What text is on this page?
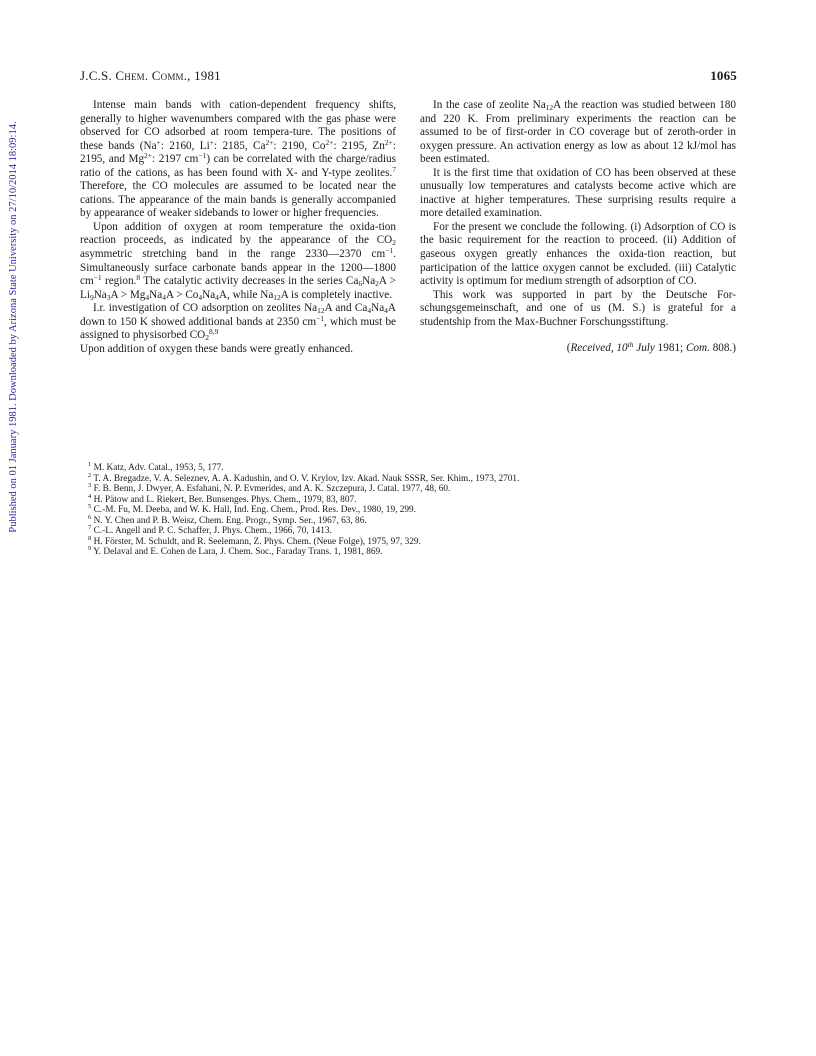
Published on 01 January 1981. Downloaded by Arizona State University on 27/10/2014 18:09:14.
J.C.S. Chem. Comm., 1981	1065

Intense main bands with cation-dependent frequency shifts, generally to higher wavenumbers compared with the gas phase were observed for CO adsorbed at room tempera-ture. The positions of these bands (Na+: 2160, Li+: 2185, $Ca^{2+}$: 2190, $Co^{2+}$: 2195, $Zn^{2+}$: 2195, and $Mg^{2+}$: 2197 $cm^{-1}$) can be correlated with the charge/radius ratio of the cations, as has been found with X- and Y-type zeolites.$^7$ Therefore, the CO molecules are assumed to be located near the cations. The appearance of the main bands is generally accompanied by appearance of weaker sidebands to lower or higher frequencies.

Upon addition of oxygen at room temperature the oxida-tion reaction proceeds, as indicated by the appearance of the $CO_2$ asymmetric stretching band in the range 2330—2370 $cm^{-1}$. Simultaneously surface carbonate bands appear in the 1200—1800 $cm^{-1}$ region.$^8$ The catalytic activity decreases in the series $Ca_6Na_2A > Li_9Na_3A > Mg_4Na_4A > Co_4Na_4A$, while $Na_{12}A$ is completely inactive.

I.r. investigation of CO adsorption on zeolites $Na_{12}A$ and $Ca_4Na_4A$ down to 150 K showed additional bands at 2350 $cm^{-1}$, which must be assigned to physisorbed $CO_2^{8,9}$
Upon addition of oxygen these bands were greatly enhanced.

In the case of zeolite $Na_{12}A$ the reaction was studied between 180 and 220 K. From preliminary experiments the reaction can be assumed to be of first-order in CO coverage but of zeroth-order in oxygen pressure. An activation energy as low as about 12 kJ/mol has been estimated.

It is the first time that oxidation of CO has been observed at these unusually low temperatures and catalysts become active which are inactive at higher temperatures. These surprising results require a more detailed examination.

For the present we conclude the following. (i) Adsorption of CO is the basic requirement for the reaction to proceed. (ii) Addition of gaseous oxygen greatly enhances the oxida-tion reaction, but participation of the lattice oxygen cannot be excluded. (iii) Catalytic activity is optimum for medium strength of adsorption of CO.

This work was supported in part by the Deutsche For-schungsgemeinschaft, and one of us (M. S.) is grateful for a studentship from the Max-Buchner Forschungsstiftung.

(Received, 10th July 1981; Com. 808.)
$^1$ M. Katz, Adv. Catal., 1953, 5, 177.
$^2$ T. A. Bregadze, V. A. Seleznev, A. A. Kadushin, and O. V. Krylov, Izv. Akad. Nauk SSSR, Ser. Khim., 1973, 2701.
$^3$ F. B. Benn, J. Dwyer, A. Esfahani, N. P. Evmerides, and A. K. Szczepura, J. Catal. 1977, 48, 60.
$^4$ H. Pätow and L. Riekert, Ber. Bunsenges. Phys. Chem., 1979, 83, 807.
$^5$ C.-M. Fu, M. Deeba, and W. K. Hall, Ind. Eng. Chem., Prod. Res. Dev., 1980, 19, 299.
$^6$ N. Y. Chen and P. B. Weisz, Chem. Eng. Progr., Symp. Ser., 1967, 63, 86.
$^7$ C.-L. Angell and P. C. Schaffer, J. Phys. Chem., 1966, 70, 1413.
$^8$ H. Förster, M. Schuldt, and R. Seelemann, Z. Phys. Chem. (Neue Folge), 1975, 97, 329.
$^9$ Y. Delaval and E. Cohen de Lara, J. Chem. Soc., Faraday Trans. 1, 1981, 869.
